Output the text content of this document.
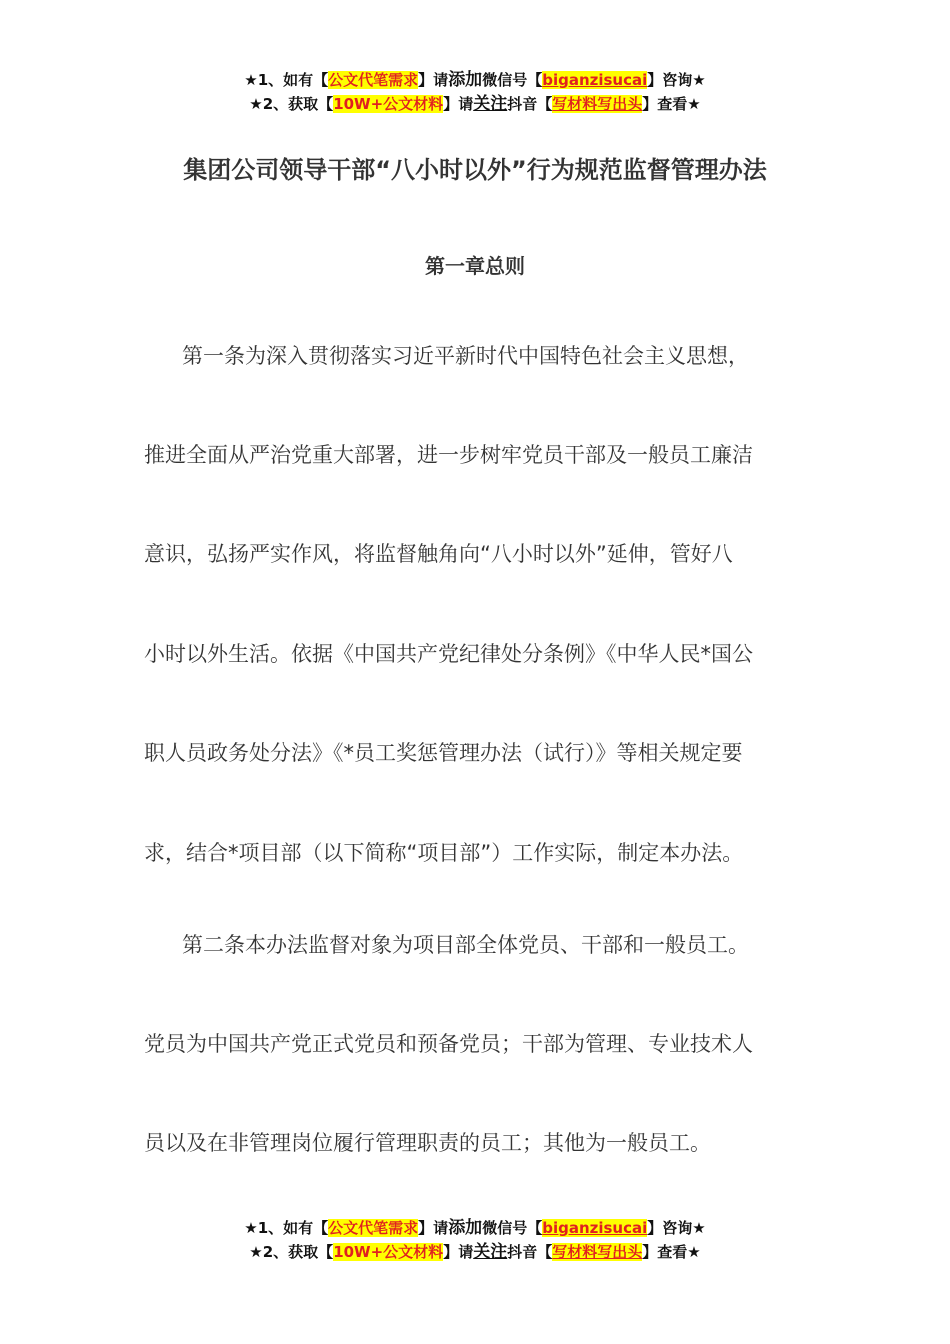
★1、如有【公文代笔需求】请添加微信号【biganzisucai】咨询★
★2、获取【10W+公文材料】请关注抖音【写材料写出头】查看★
集团公司领导干部“八小时以外”行为规范监督管理办法
第一章总则
第一条为深入贯彻落实习近平新时代中国特色社会主义思想，
推进全面从严治党重大部署，进一步树牢党员干部及一般员工廉洁
意识，弘扬严实作风，将监督触角向“八小时以外”延伸，管好八
小时以外生活。依据《中国共产党纪律处分条例》《中华人民*国公
职人员政务处分法》《*员工奖惩管理办法（试行）》等相关规定要
求，结合*项目部（以下简称“项目部”）工作实际，制定本办法。
第二条本办法监督对象为项目部全体党员、干部和一般员工。
党员为中国共产党正式党员和预备党员；干部为管理、专业技术人
员以及在非管理岗位履行管理职责的员工；其他为一般员工。
★1、如有【公文代笔需求】请添加微信号【biganzisucai】咨询★
★2、获取【10W+公文材料】请关注抖音【写材料写出头】查看★
